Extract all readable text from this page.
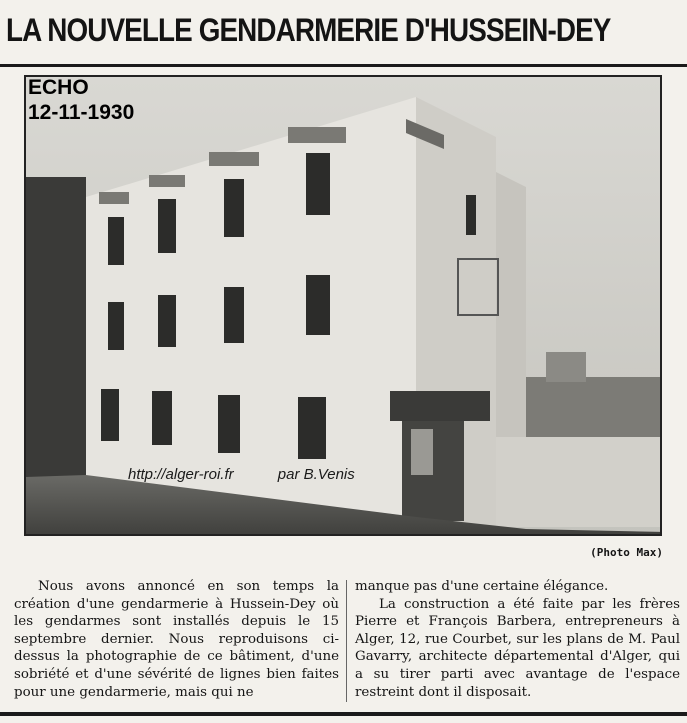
LA NOUVELLE GENDARMERIE D'HUSSEIN-DEY
ECHO
12-11-1930
http://alger-roi.fr	par B.Venis
(Photo Max)
Nous avons annoncé en son temps la création d'une gendarmerie à Hussein-Dey où les gendarmes sont installés depuis le 15 septembre dernier. Nous reproduisons ci-dessus la photographie de ce bâtiment, d'une sobriété et d'une sévérité de lignes bien faites pour une gendarmerie, mais qui ne
manque pas d'une certaine élégance.
La construction a été faite par les frères Pierre et François Barbera, entrepreneurs à Alger, 12, rue Courbet, sur les plans de M. Paul Gavarry, architecte départemental d'Alger, qui a su tirer parti avec avantage de l'espace restreint dont il disposait.
